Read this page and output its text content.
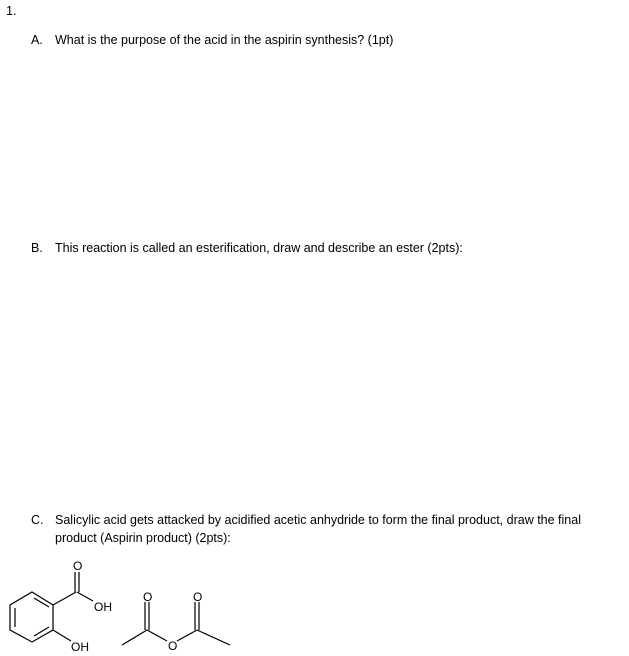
1.
A. What is the purpose of the acid in the aspirin synthesis? (1pt)
B. This reaction is called an esterification, draw and describe an ester (2pts):
C. Salicylic acid gets attacked by acidified acetic anhydride to form the final product, draw the final
product (Aspirin product) (2pts):
O
OH
OH
O	O
O
